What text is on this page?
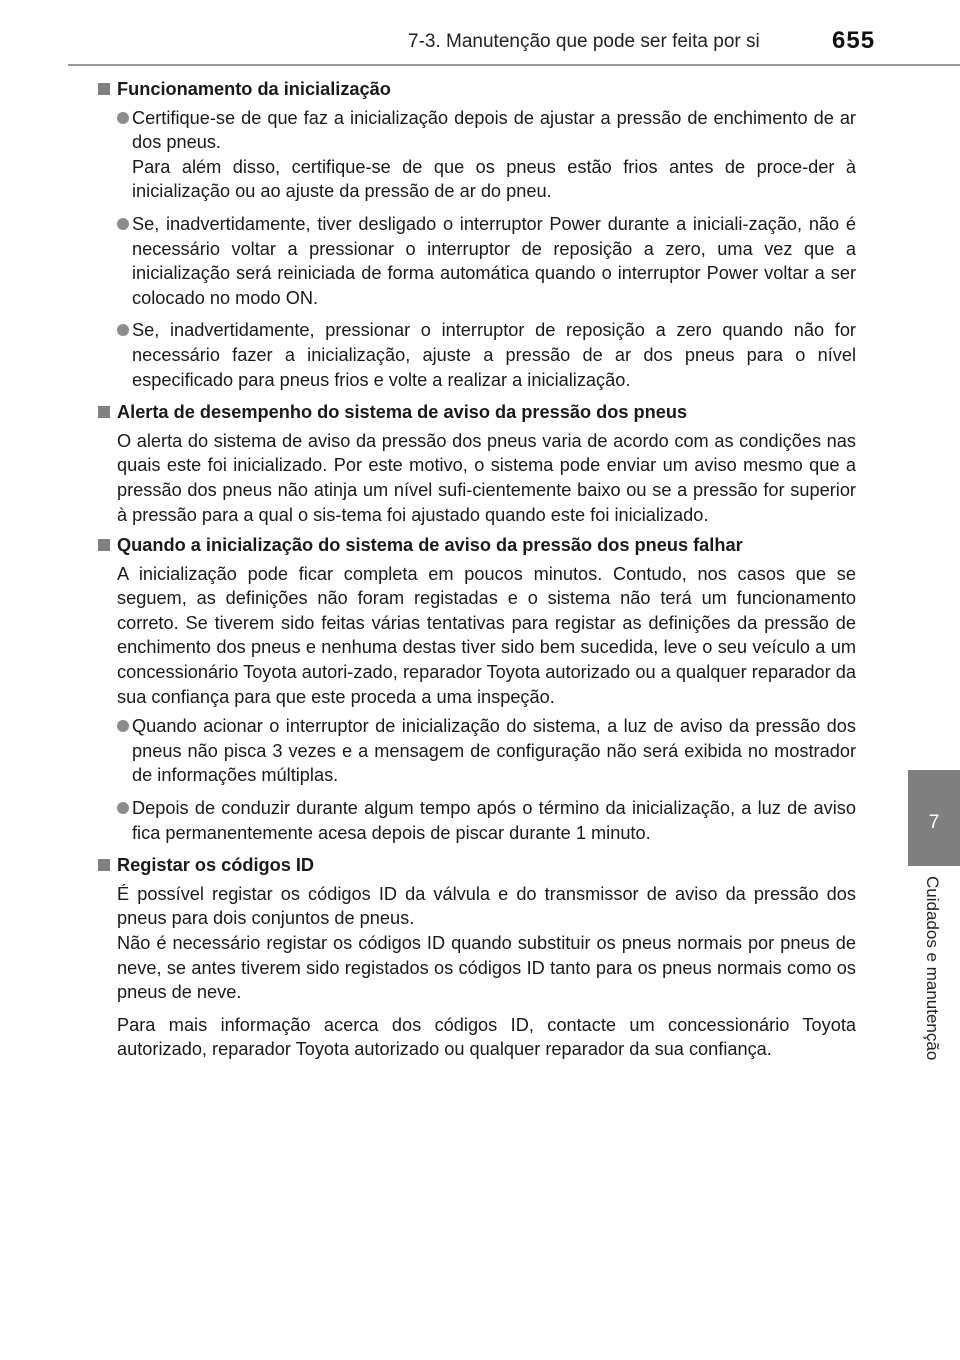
7-3. Manutenção que pode ser feita por si	655
7
Cuidados e manutenção
Funcionamento da inicialização
Certifique-se de que faz a inicialização depois de ajustar a pressão de enchimento de ar dos pneus.
Para além disso, certifique-se de que os pneus estão frios antes de proce-der à inicialização ou ao ajuste da pressão de ar do pneu.
Se, inadvertidamente, tiver desligado o interruptor Power durante a iniciali-zação, não é necessário voltar a pressionar o interruptor de reposição a zero, uma vez que a inicialização será reiniciada de forma automática quando o interruptor Power voltar a ser colocado no modo ON.
Se, inadvertidamente, pressionar o interruptor de reposição a zero quando não for necessário fazer a inicialização, ajuste a pressão de ar dos pneus para o nível especificado para pneus frios e volte a realizar a inicialização.
Alerta de desempenho do sistema de aviso da pressão dos pneus
O alerta do sistema de aviso da pressão dos pneus varia de acordo com as condições nas quais este foi inicializado. Por este motivo, o sistema pode enviar um aviso mesmo que a pressão dos pneus não atinja um nível sufi-cientemente baixo ou se a pressão for superior à pressão para a qual o sis-tema foi ajustado quando este foi inicializado.
Quando a inicialização do sistema de aviso da pressão dos pneus falhar
A inicialização pode ficar completa em poucos minutos. Contudo, nos casos que se seguem, as definições não foram registadas e o sistema não terá um funcionamento correto. Se tiverem sido feitas várias tentativas para registar as definições da pressão de enchimento dos pneus e nenhuma destas tiver sido bem sucedida, leve o seu veículo a um concessionário Toyota autori-zado, reparador Toyota autorizado ou a qualquer reparador da sua confiança para que este proceda a uma inspeção.
Quando acionar o interruptor de inicialização do sistema, a luz de aviso da pressão dos pneus não pisca 3 vezes e a mensagem de configuração não será exibida no mostrador de informações múltiplas.
Depois de conduzir durante algum tempo após o término da inicialização, a luz de aviso fica permanentemente acesa depois de piscar durante 1 minuto.
Registar os códigos ID
É possível registar os códigos ID da válvula e do transmissor de aviso da pressão dos pneus para dois conjuntos de pneus.
Não é necessário registar os códigos ID quando substituir os pneus normais por pneus de neve, se antes tiverem sido registados os códigos ID tanto para os pneus normais como os pneus de neve.
Para mais informação acerca dos códigos ID, contacte um concessionário Toyota autorizado, reparador Toyota autorizado ou qualquer reparador da sua confiança.
